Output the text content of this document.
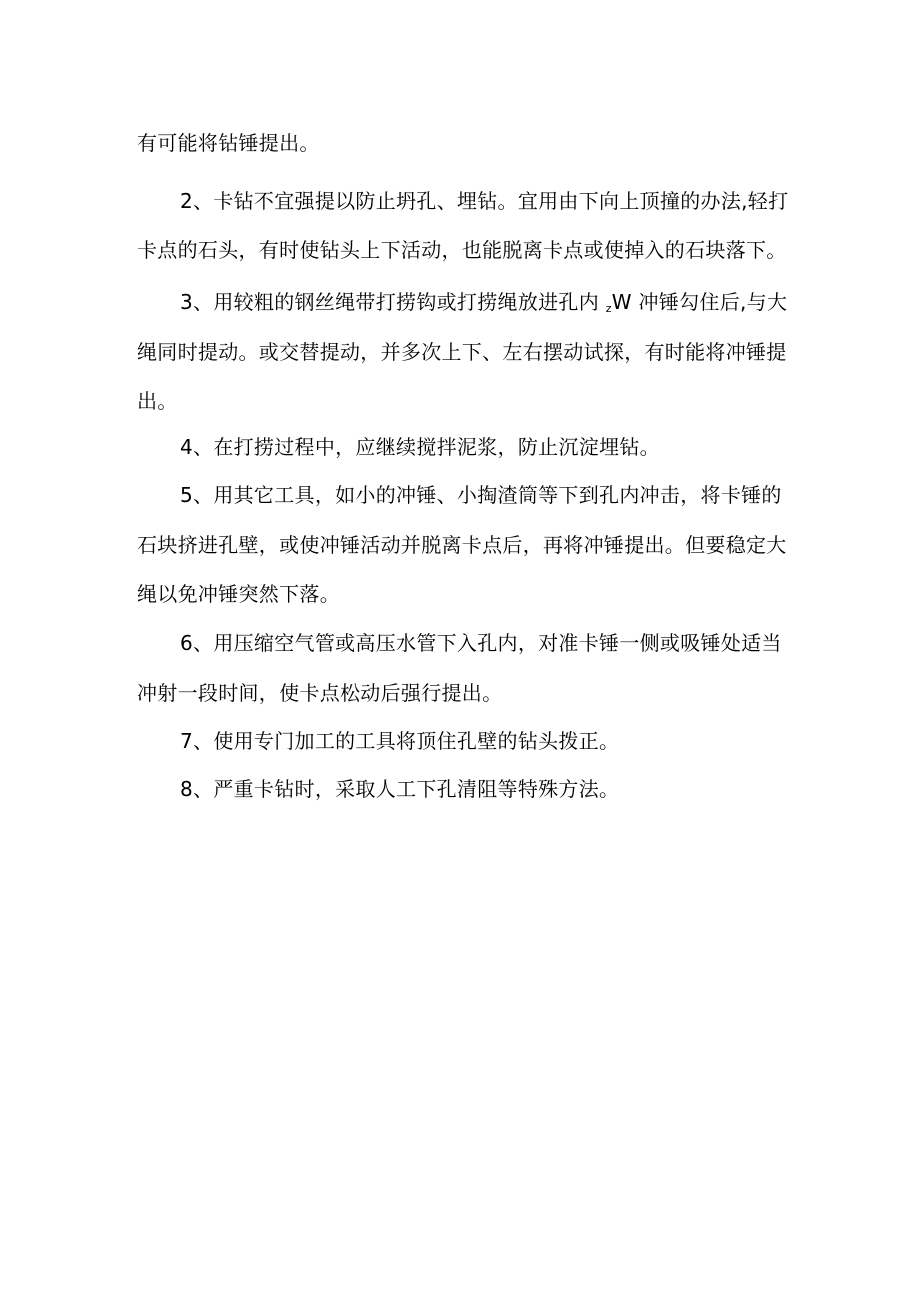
有可能将钻锤提出。
2、卡钻不宜强提以防止坍孔、埋钻。宜用由下向上顶撞的办法,轻打
卡点的石头，有时使钻头上下活动，也能脱离卡点或使掉入的石块落下。
3、用较粗的钢丝绳带打捞钩或打捞绳放进孔内 $_z$W 冲锤勾住后,与大
绳同时提动。或交替提动，并多次上下、左右摆动试探，有时能将冲锤提
出。
4、在打捞过程中，应继续搅拌泥浆，防止沉淀埋钻。
5、用其它工具，如小的冲锤、小掏渣筒等下到孔内冲击，将卡锤的
石块挤进孔壁，或使冲锤活动并脱离卡点后，再将冲锤提出。但要稳定大
绳以免冲锤突然下落。
6、用压缩空气管或高压水管下入孔内，对准卡锤一侧或吸锤处适当
冲射一段时间，使卡点松动后强行提出。
7、使用专门加工的工具将顶住孔壁的钻头拨正。
8、严重卡钻时，采取人工下孔清阻等特殊方法。
